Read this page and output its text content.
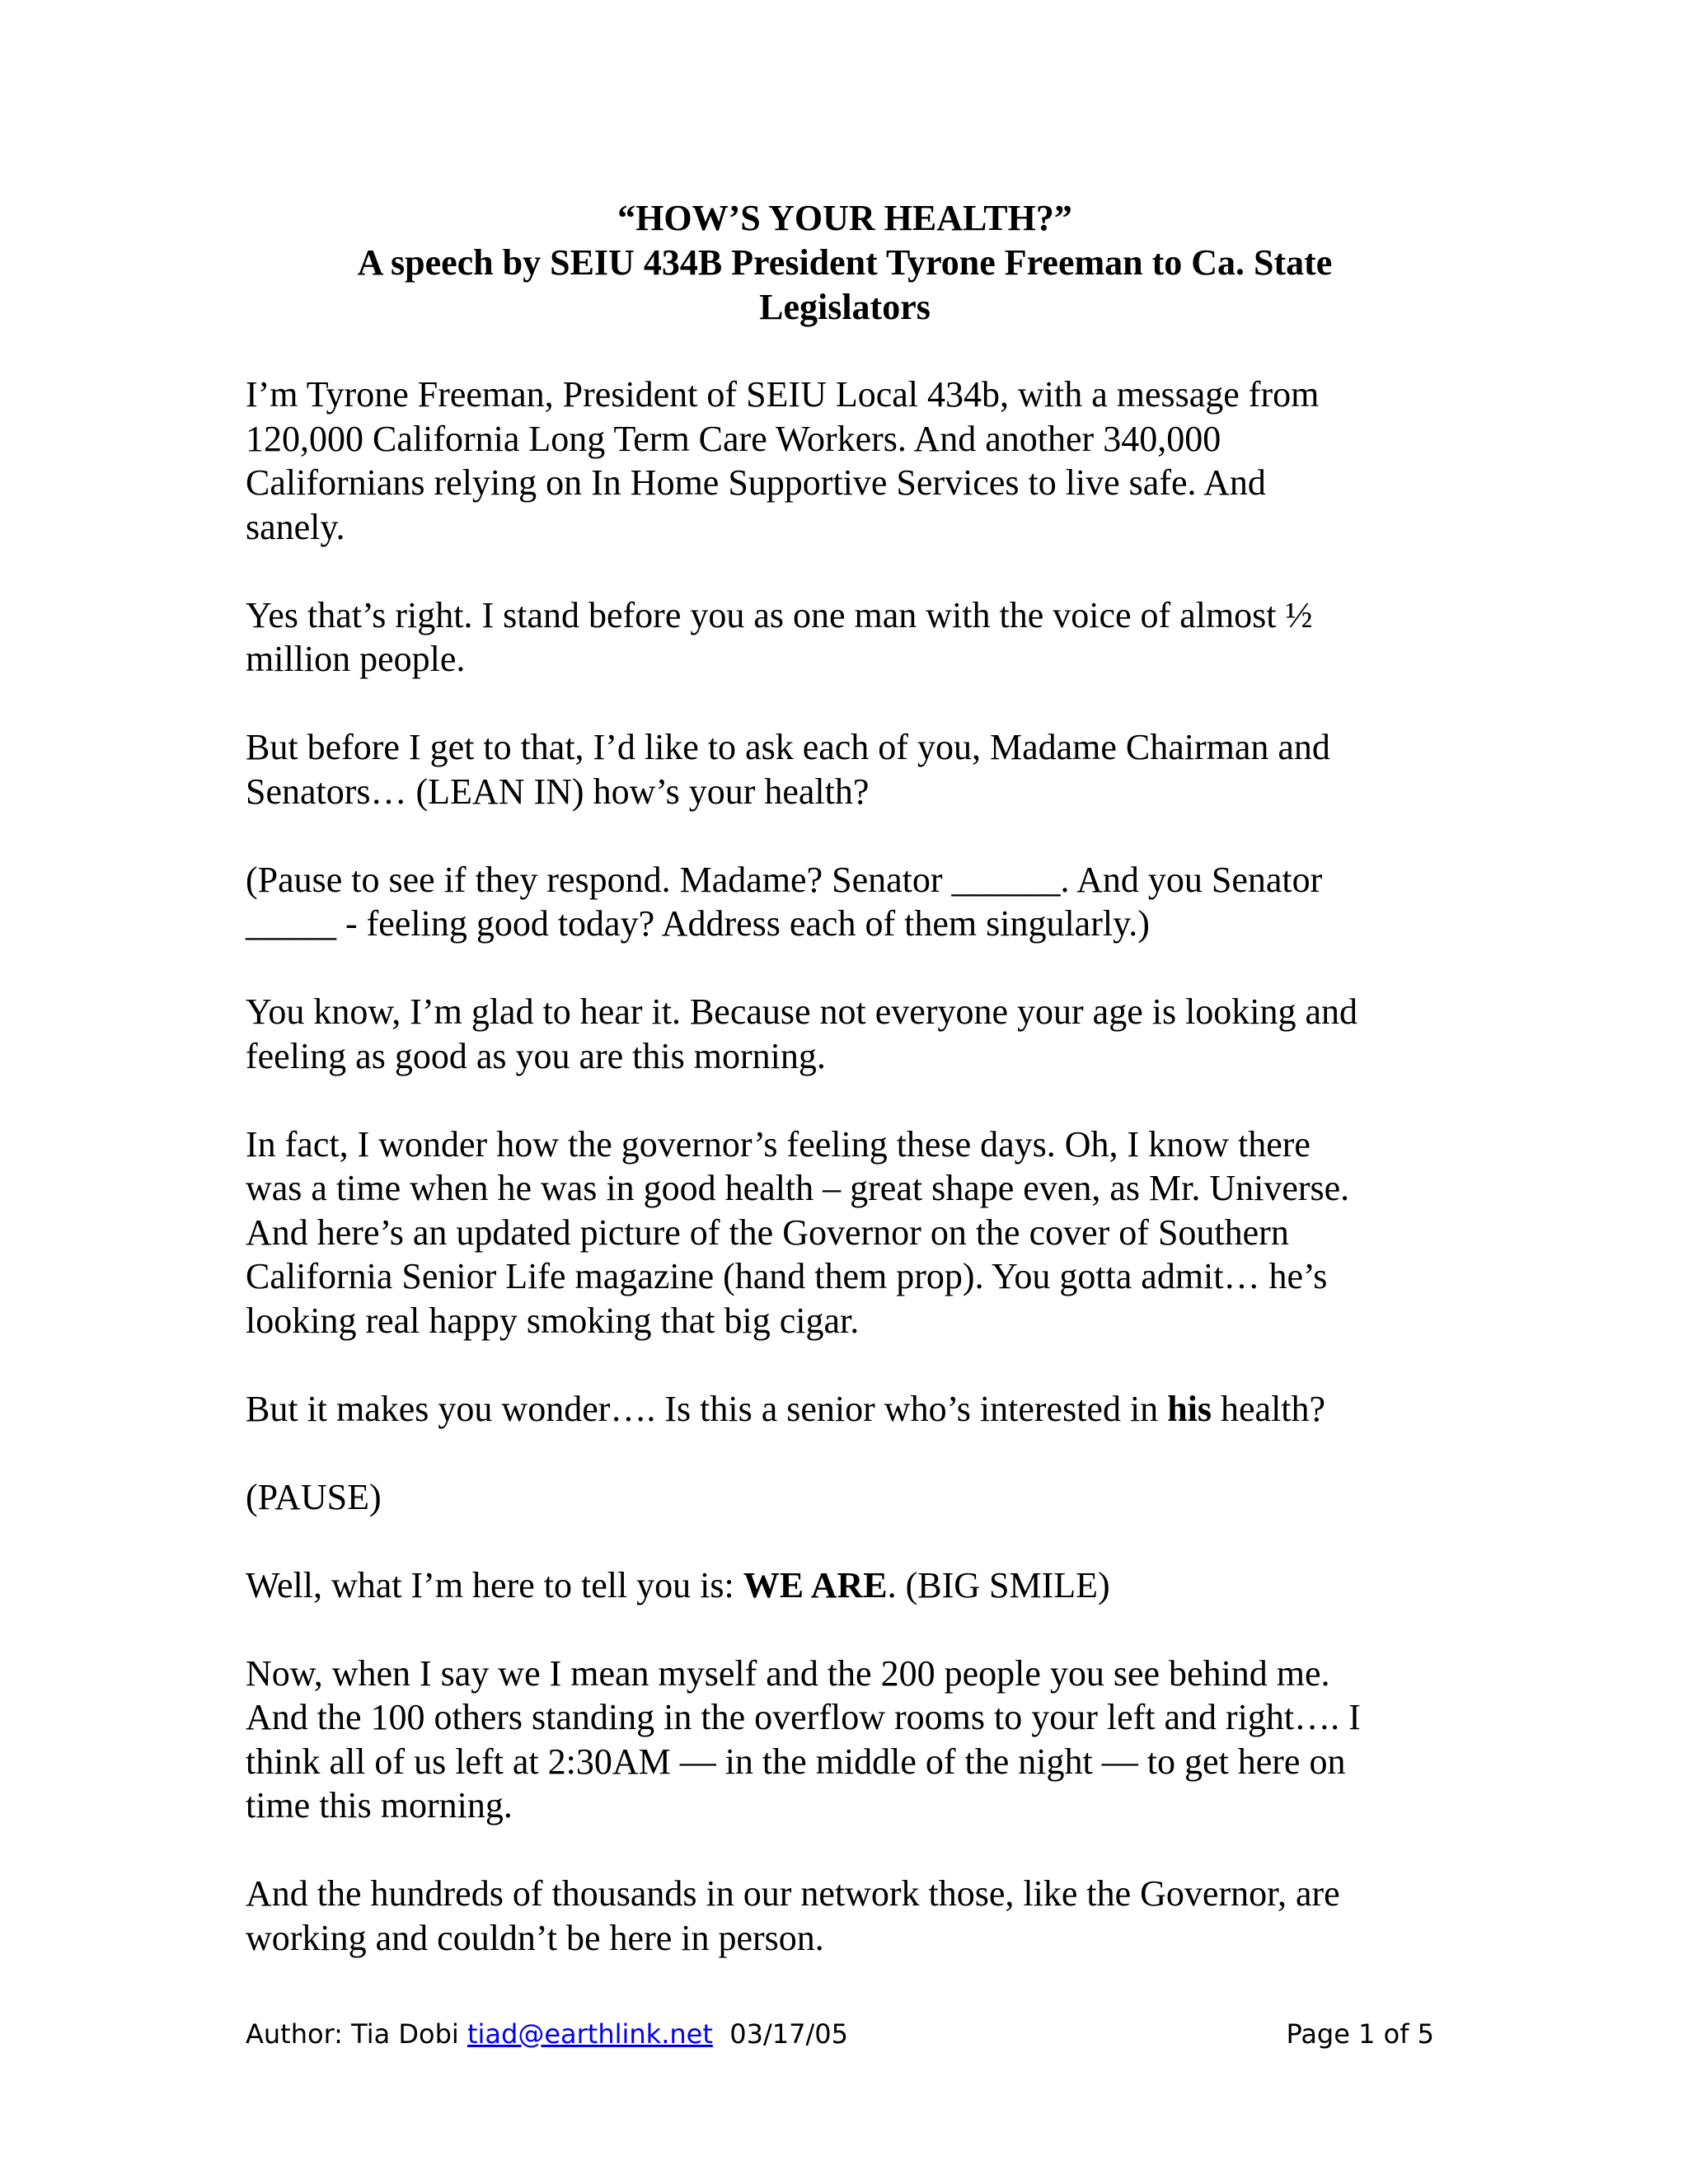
“HOW’S YOUR HEALTH?”
A speech by SEIU 434B President Tyrone Freeman to Ca. State
Legislators

I’m Tyrone Freeman, President of SEIU Local 434b, with a message from
120,000 California Long Term Care Workers. And another 340,000
Californians relying on In Home Supportive Services to live safe. And
sanely.

Yes that’s right. I stand before you as one man with the voice of almost ½
million people.

But before I get to that, I’d like to ask each of you, Madame Chairman and
Senators… (LEAN IN) how’s your health?

(Pause to see if they respond. Madame? Senator ______. And you Senator
_____ - feeling good today? Address each of them singularly.)

You know, I’m glad to hear it. Because not everyone your age is looking and
feeling as good as you are this morning.

In fact, I wonder how the governor’s feeling these days. Oh, I know there
was a time when he was in good health – great shape even, as Mr. Universe.
And here’s an updated picture of the Governor on the cover of Southern
California Senior Life magazine (hand them prop). You gotta admit… he’s
looking real happy smoking that big cigar.

But it makes you wonder…. Is this a senior who’s interested in his health?

(PAUSE)

Well, what I’m here to tell you is: WE ARE. (BIG SMILE)

Now, when I say we I mean myself and the 200 people you see behind me.
And the 100 others standing in the overflow rooms to your left and right…. I
think all of us left at 2:30AM — in the middle of the night — to get here on
time this morning.

And the hundreds of thousands in our network those, like the Governor, are
working and couldn’t be here in person.

Author: Tia Dobi tiad@earthlink.net  03/17/05	Page 1 of 5
